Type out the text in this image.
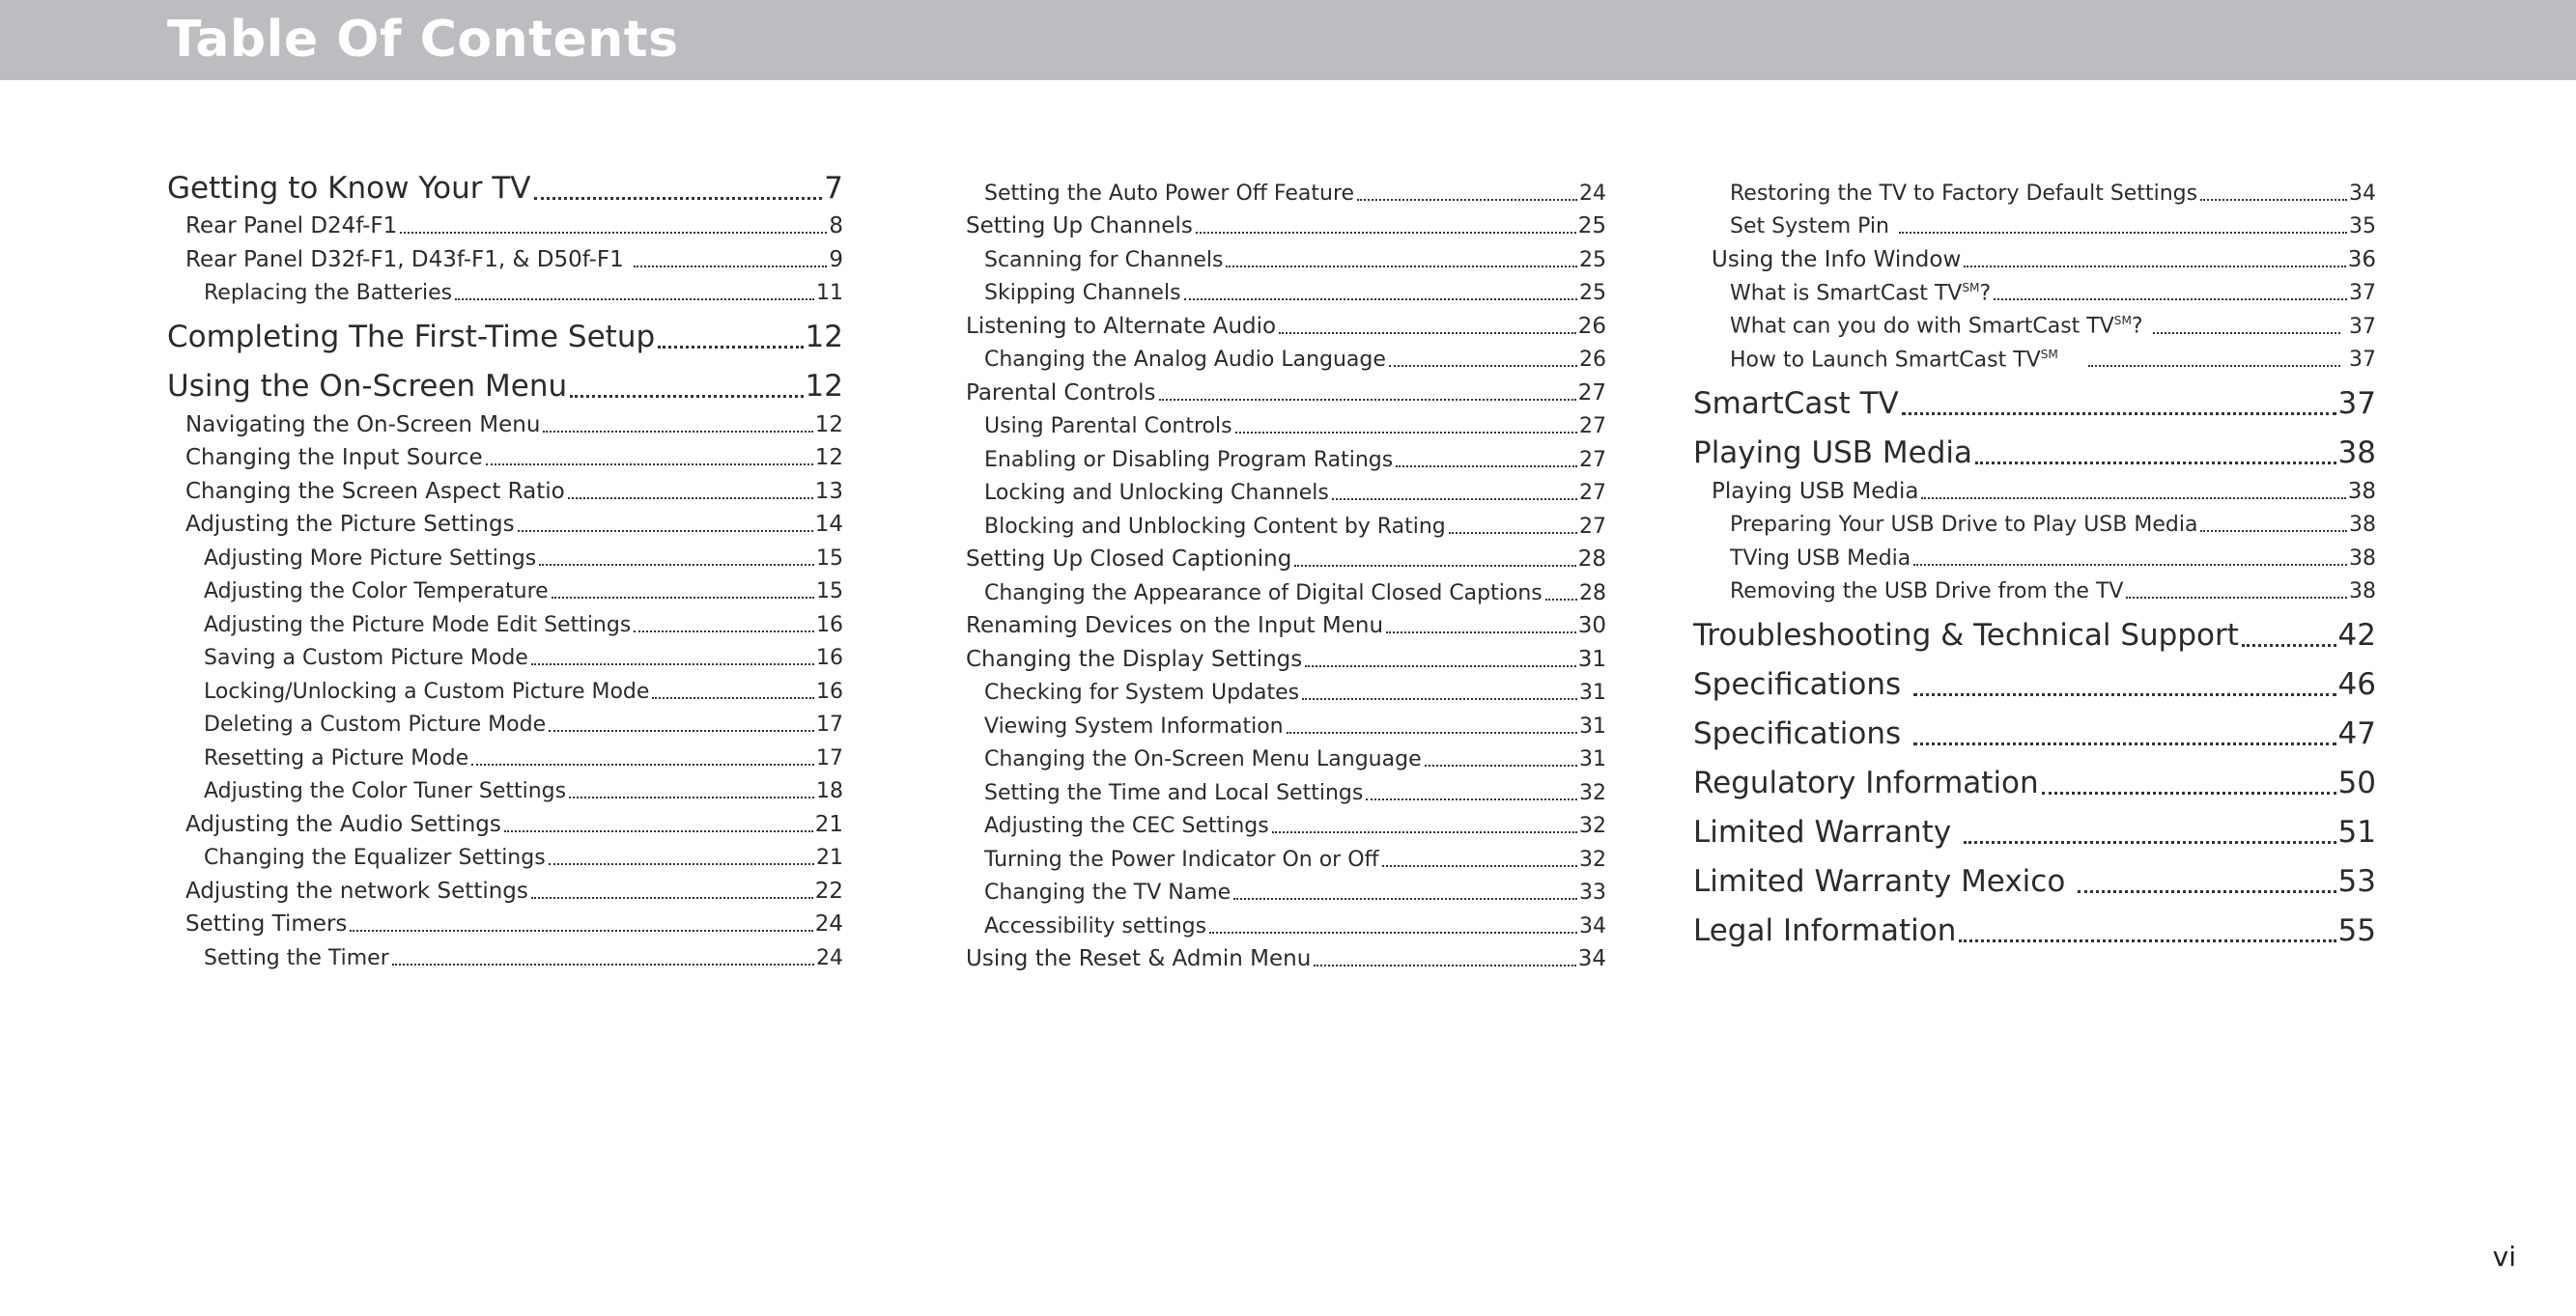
Table Of Contents
Getting to Know Your TV	7
Rear Panel D24f-F1	8
Rear Panel D32f-F1, D43f-F1, & D50f-F1	9
Replacing the Batteries	11
Completing The First-Time Setup	12
Using the On-Screen Menu	12
Navigating the On-Screen Menu	12
Changing the Input Source	12
Changing the Screen Aspect Ratio	13
Adjusting the Picture Settings	14
Adjusting More Picture Settings	15
Adjusting the Color Temperature	15
Adjusting the Picture Mode Edit Settings	16
Saving a Custom Picture Mode	16
Locking/Unlocking a Custom Picture Mode	16
Deleting a Custom Picture Mode	17
Resetting a Picture Mode	17
Adjusting the Color Tuner Settings	18
Adjusting the Audio Settings	21
Changing the Equalizer Settings	21
Adjusting the network Settings	22
Setting Timers	24
Setting the Timer	24
Setting the Auto Power Off Feature	24
Setting Up Channels	25
Scanning for Channels	25
Skipping Channels	25
Listening to Alternate Audio	26
Changing the Analog Audio Language	26
Parental Controls	27
Using Parental Controls	27
Enabling or Disabling Program Ratings	27
Locking and Unlocking Channels	27
Blocking and Unblocking Content by Rating	27
Setting Up Closed Captioning	28
Changing the Appearance of Digital Closed Captions 28
Renaming Devices on the Input Menu	30
Changing the Display Settings	31
Checking for System Updates	31
Viewing System Information	31
Changing the On-Screen Menu Language	31
Setting the Time and Local Settings	32
Adjusting the CEC Settings	32
Turning the Power Indicator On or Off	32
Changing the TV Name	33
Accessibility settings	34
Using the Reset & Admin Menu	34
Restoring the TV to Factory Default Settings	34
Set System Pin	35
Using the Info Window	36
What is SmartCast TV℠?	37
What can you do with SmartCast TV℠?	37
How to Launch SmartCast TV℠	37
SmartCast TV	37
Playing USB Media	38
Playing USB Media	38
Preparing Your USB Drive to Play USB Media	38
TVing USB Media	38
Removing the USB Drive from the TV	38
Troubleshooting & Technical Support	42
Specifications	46
Specifications	47
Regulatory Information	50
Limited Warranty	51
Limited Warranty Mexico	53
Legal Information	55
vi
